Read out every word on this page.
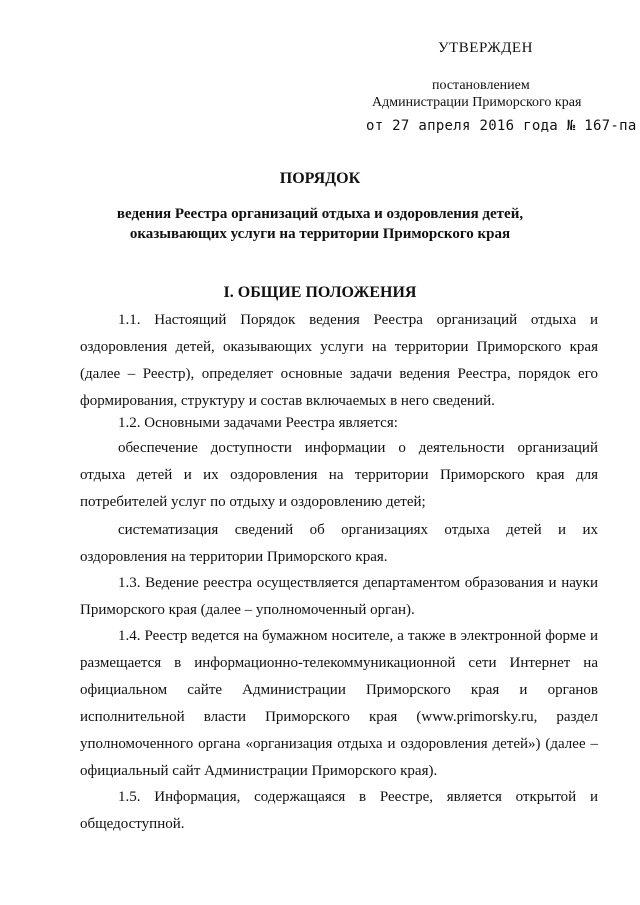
УТВЕРЖДЕН
постановлением
Администрации Приморского края
от 27 апреля 2016 года № 167-па
ПОРЯДОК
ведения Реестра организаций отдыха и оздоровления детей,
оказывающих услуги на территории Приморского края
I. ОБЩИЕ ПОЛОЖЕНИЯ
1.1. Настоящий Порядок ведения Реестра организаций отдыха и оздоровления детей, оказывающих услуги на территории Приморского края (далее – Реестр), определяет основные задачи ведения Реестра, порядок его формирования, структуру и состав включаемых в него сведений.
1.2. Основными задачами Реестра является:
обеспечение доступности информации о деятельности организаций отдыха детей и их оздоровления на территории Приморского края для потребителей услуг по отдыху и оздоровлению детей;
систематизация сведений об организациях отдыха детей и их оздоровления на территории Приморского края.
1.3. Ведение реестра осуществляется департаментом образования и науки Приморского края (далее – уполномоченный орган).
1.4. Реестр ведется на бумажном носителе, а также в электронной форме и размещается в информационно-телекоммуникационной сети Интернет на официальном сайте Администрации Приморского края и органов исполнительной власти Приморского края (www.primorsky.ru, раздел уполномоченного органа «организация отдыха и оздоровления детей») (далее – официальный сайт Администрации Приморского края).
1.5. Информация, содержащаяся в Реестре, является открытой и общедоступной.
